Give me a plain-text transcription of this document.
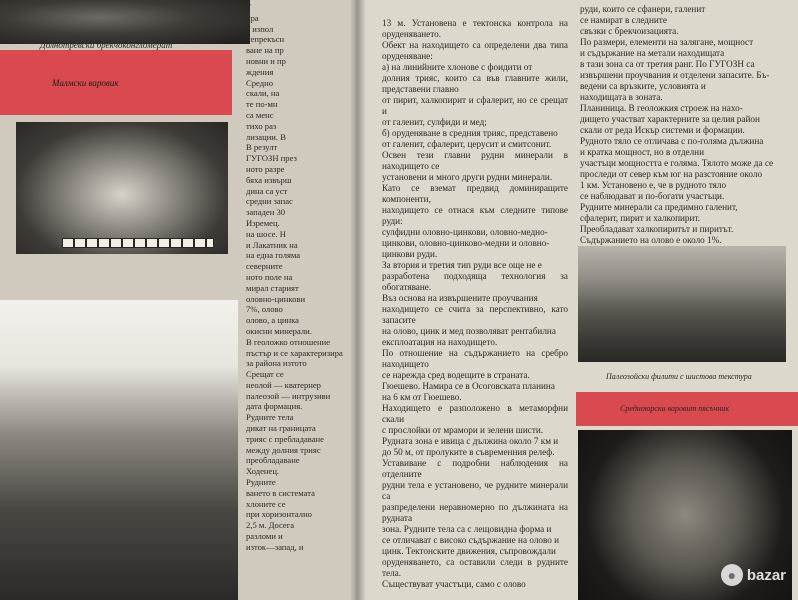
Долнотревски брекчоконгломерат
Малмски варовик
Т
пра
в изпол
непрекъсн
ване на пр
новни и пр
ждения
Средно
скали, на
те по-мн
са менс
тихо раз
лизации. В
В резулт
ГУГОЗН през
ното разре
бяха извърш
дина са уст
средни запас
западен 30
Изремец.
на шосе. Н
и Лакатник на
на една голяма
северните
ното поле на
мирал старият
оловно-цинкови
7%, олово
олово, а цинка
окисни минерали.
В геоложко отношение
пъстър и се характеризира
за района изтото
Срещат се
неолой — кватернер
палеозой — интрузиви
дата формация.
Рудните тела
дикат на границата
трияс с пребладаване
между долния трияс
преобладаване
Ходенец.
Рудните
ването в системата
хлоните се
при хоризонтално
2,5 м. Досега
разломи и
изток—запад, и
13 м. Установена е тектонска контрола на оруденяването.
Обект на находището са определени два типа оруденяване:
а) на линийните хлонове с фоидити от
долния трияс, които са във главните жили, представени главно
от пирит, халкопирит и сфалерит, но се срещат и
от галенит, сулфиди и мед;
б) оруденяване в средния трияс, представено
от галенит, сфалерит, церусит и смитсонит.
Освен тези главни рудни минерали в находището се
установени и много други рудни минерали.
Като се вземат предвид доминиращите компоненти,
находището се отнася към следните типове руди:
сулфидни оловно-цинкови, оловно-медно-
цинкови, оловно-цинково-медни и оловно-
цинкови руди.
За втория и третия тип руди все още не е
разработена подходяща технология за обогатяване.
Въз основа на извършените проучвания
находището се счита за перспективно, като запасите
на олово, цинк и мед позволяват рентабилна
експлоатация на находището.
По отношение на съдържанието на сребро находището
се нарежда сред водещите в страната.
Гюешево. Намира се в Осоговската планина
на 6 км от Гюешево.
Находището е разположено в метаморфни скали
с прослойки от мрамори и зелени шисти.
Рудната зона е ивица с дължина около 7 км и
до 50 м, от пролуките в съвременния релеф.
Уставиване с подробни наблюдения на отделните
рудни тела е установено, че рудните минерали са
разпределени неравномерно по дължината на рудната
зона. Рудните тела са с лещовидна форма и
се отличават с високо съдържание на олово и
цинк. Тектонските движения, съпровождали
оруденяването, са оставили следи в рудните тела.
Съществуват участъци, само с олово
руди, които се сфанери, галенит
се намират в следните
свъзки с брекчоизацията.
По размери, елементи на залягане, мощност
и съдържание на метали находищата
в тази зона са от третия ранг. По ГУГОЗН са
извършени проучвания и отделени запасите. Бъ-
ведени са връзките, условията и
находищата в зоната.
Планиница. В геоложкия строеж на нахо-
дището участват характерните за целия район
скали от реда Искър системи и формации.
Рудното тяло се отличава с по-голяма дължина
и кратка мощност, но в отделни
участъци мощността е голяма. Тялото може да се
проследи от север към юг на разстояние около
1 км. Установено е, че в рудното тяло
се наблюдават и по-богати участъци.
Рудните минерали са предимно галенит,
сфалерит, пирит и халкопирит.
Преобладават халкопиритът и пиритът.
Съдържанието на олово е около 1%.
Палеозойски филити с шистова текстура
Средноюрски варовит пясъчник
● bazar
